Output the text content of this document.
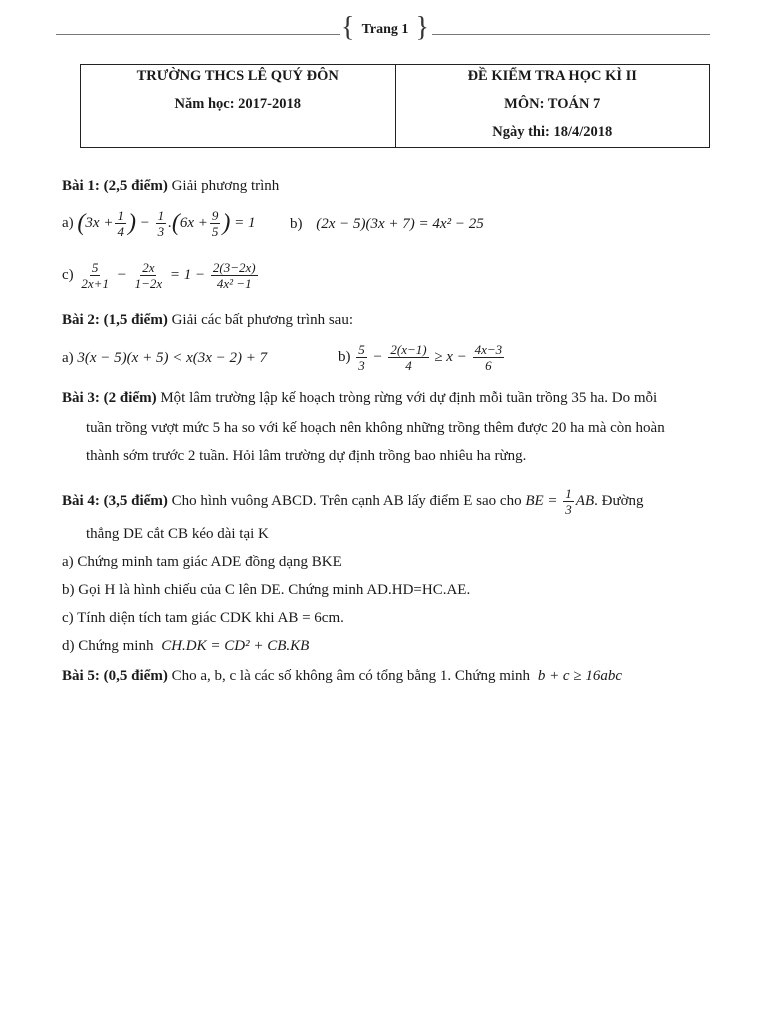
{ Trang 1 }
TRƯỜNG THCS LÊ QUÝ ĐÔN
Năm học: 2017-2018
ĐỀ KIỂM TRA HỌC KÌ II
MÔN: TOÁN 7
Ngày thi: 18/4/2018
Bài 1: (2,5 điểm) Giải phương trình
a) ($3x + \frac{1}{4}$ ) − $\frac{1}{3} .(6x + \frac{9}{5}$ ) = 1 b) (2x − 5)(3x + 7) = 4x² − 25
$c) \frac{5}{2x+1} - \frac{2x}{1-2x} = 1 - \frac{2(3-2x)}{\text{4x² −1}}$
Bài 2: (1,5 điểm) Giải các bất phương trình sau:
a) 3(x − 5)(x + 5) < x(3x − 2) + 7	$b) \frac{5}{3} - \frac{2(x-1)}{4} \ge x - \frac{4x-3}{6}$
Bài 3: (2 điểm) Một lâm trường lập kế hoạch tròng rừng với dự định mỗi tuần trồng 35 ha. Do mỗi
tuần trồng vượt mức 5 ha so với kế hoạch nên không những trồng thêm được 20 ha mà còn hoàn
thành sớm trước 2 tuần. Hỏi lâm trường dự định trồng bao nhiêu ha rừng.
Bài 4: (3,5 điểm) Cho hình vuông ABCD. Trên cạnh AB lấy điểm E sao cho BE = $\frac{1}{3}$ AB. Đường
thẳng DE cắt CB kéo dài tại K
a) Chứng minh tam giác ADE đồng dạng BKE
b) Gọi H là hình chiếu của C lên DE. Chứng minh AD.HD=HC.AE.
c) Tính diện tích tam giác CDK khi AB = 6cm.
d) Chứng minh CH.DK = CD² + CB.KB
Bài 5: (0,5 điểm) Cho a, b, c là các số không âm có tổng bằng 1. Chứng minh b + c ≥ 16abc
